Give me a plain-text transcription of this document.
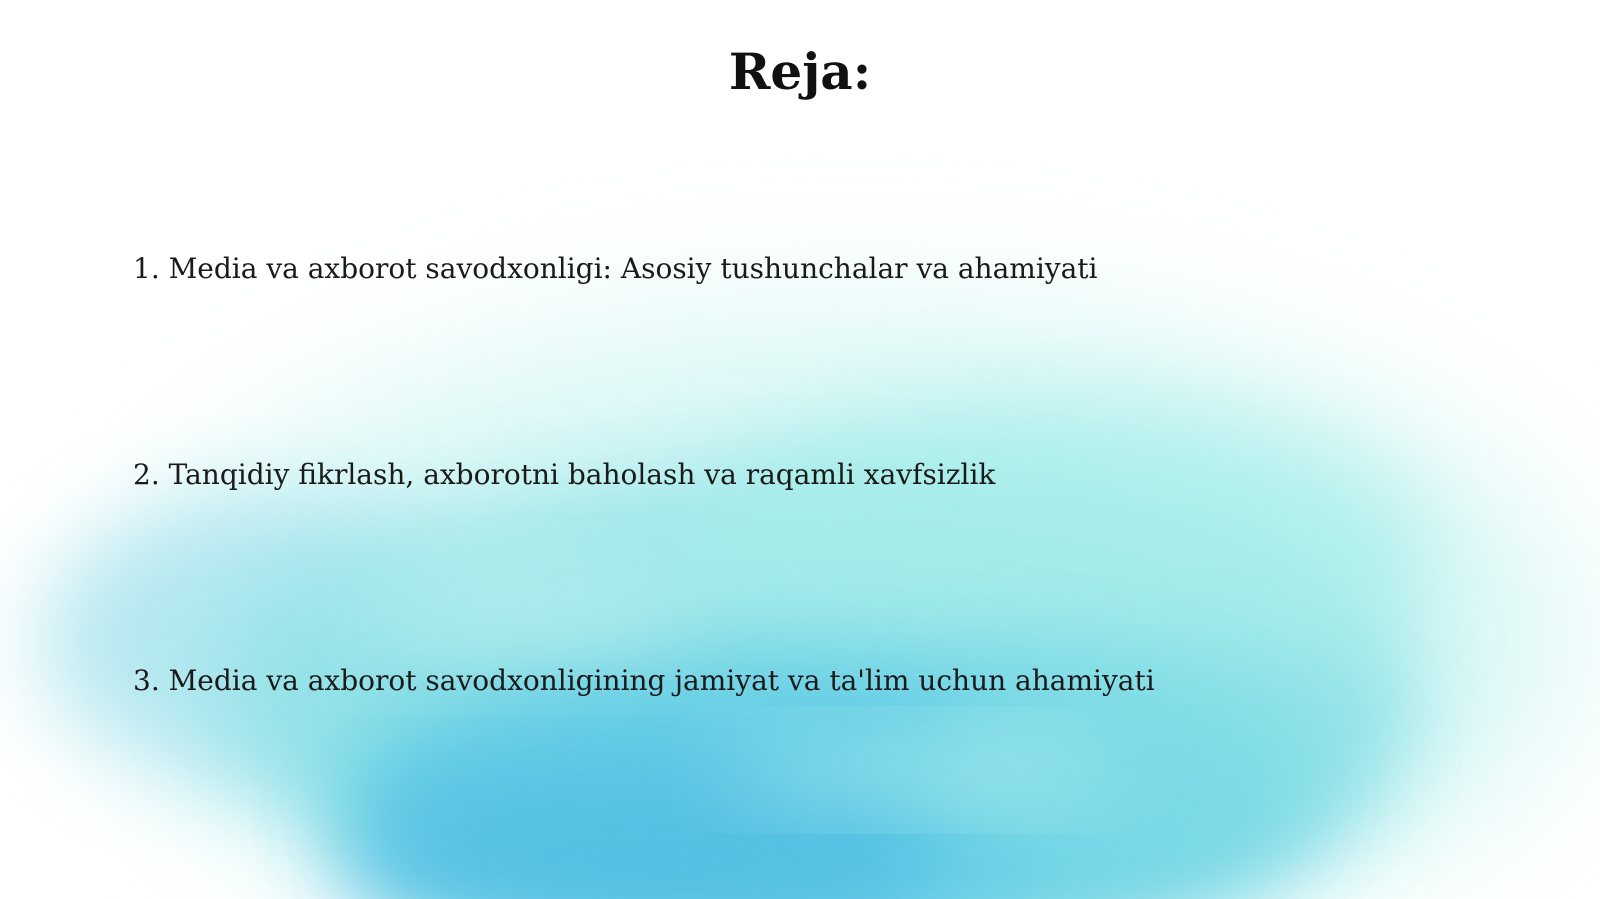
Reja:
1. Media va axborot savodxonligi: Asosiy tushunchalar va ahamiyati
2. Tanqidiy fikrlash, axborotni baholash va raqamli xavfsizlik
3. Media va axborot savodxonligining jamiyat va ta'lim uchun ahamiyati
